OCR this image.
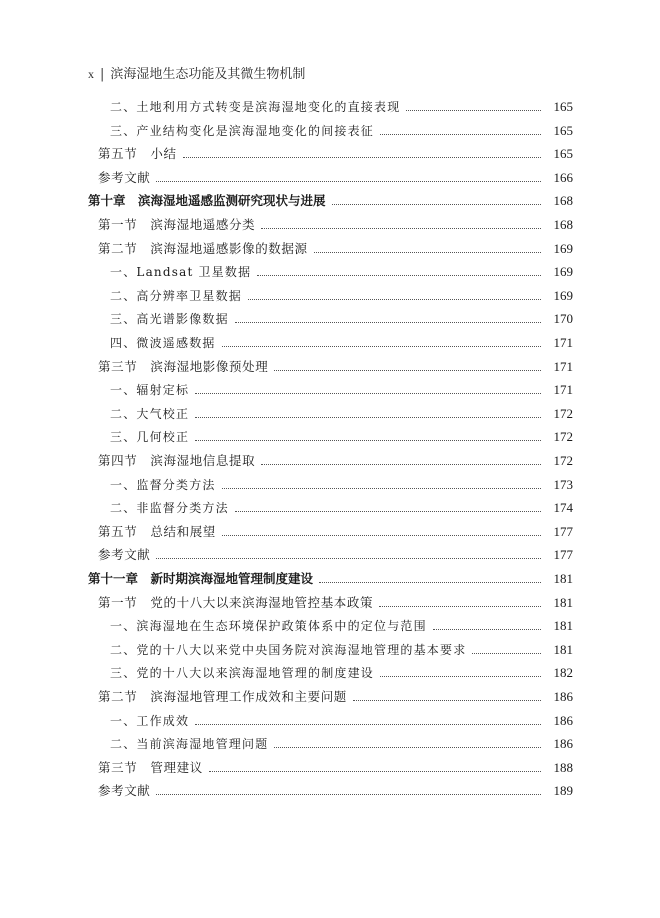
x | 滨海湿地生态功能及其微生物机制
二、土地利用方式转变是滨海湿地变化的直接表现	165
三、产业结构变化是滨海湿地变化的间接表征	165
第五节　小结	165
参考文献	166
第十章　滨海湿地遥感监测研究现状与进展	168
第一节　滨海湿地遥感分类	168
第二节　滨海湿地遥感影像的数据源	169
一、Landsat 卫星数据	169
二、高分辨率卫星数据	169
三、高光谱影像数据	170
四、微波遥感数据	171
第三节　滨海湿地影像预处理	171
一、辐射定标	171
二、大气校正	172
三、几何校正	172
第四节　滨海湿地信息提取	172
一、监督分类方法	173
二、非监督分类方法	174
第五节　总结和展望	177
参考文献	177
第十一章　新时期滨海湿地管理制度建设	181
第一节　党的十八大以来滨海湿地管控基本政策	181
一、滨海湿地在生态环境保护政策体系中的定位与范围	181
二、党的十八大以来党中央国务院对滨海湿地管理的基本要求	181
三、党的十八大以来滨海湿地管理的制度建设	182
第二节　滨海湿地管理工作成效和主要问题	186
一、工作成效	186
二、当前滨海湿地管理问题	186
第三节　管理建议	188
参考文献	189
